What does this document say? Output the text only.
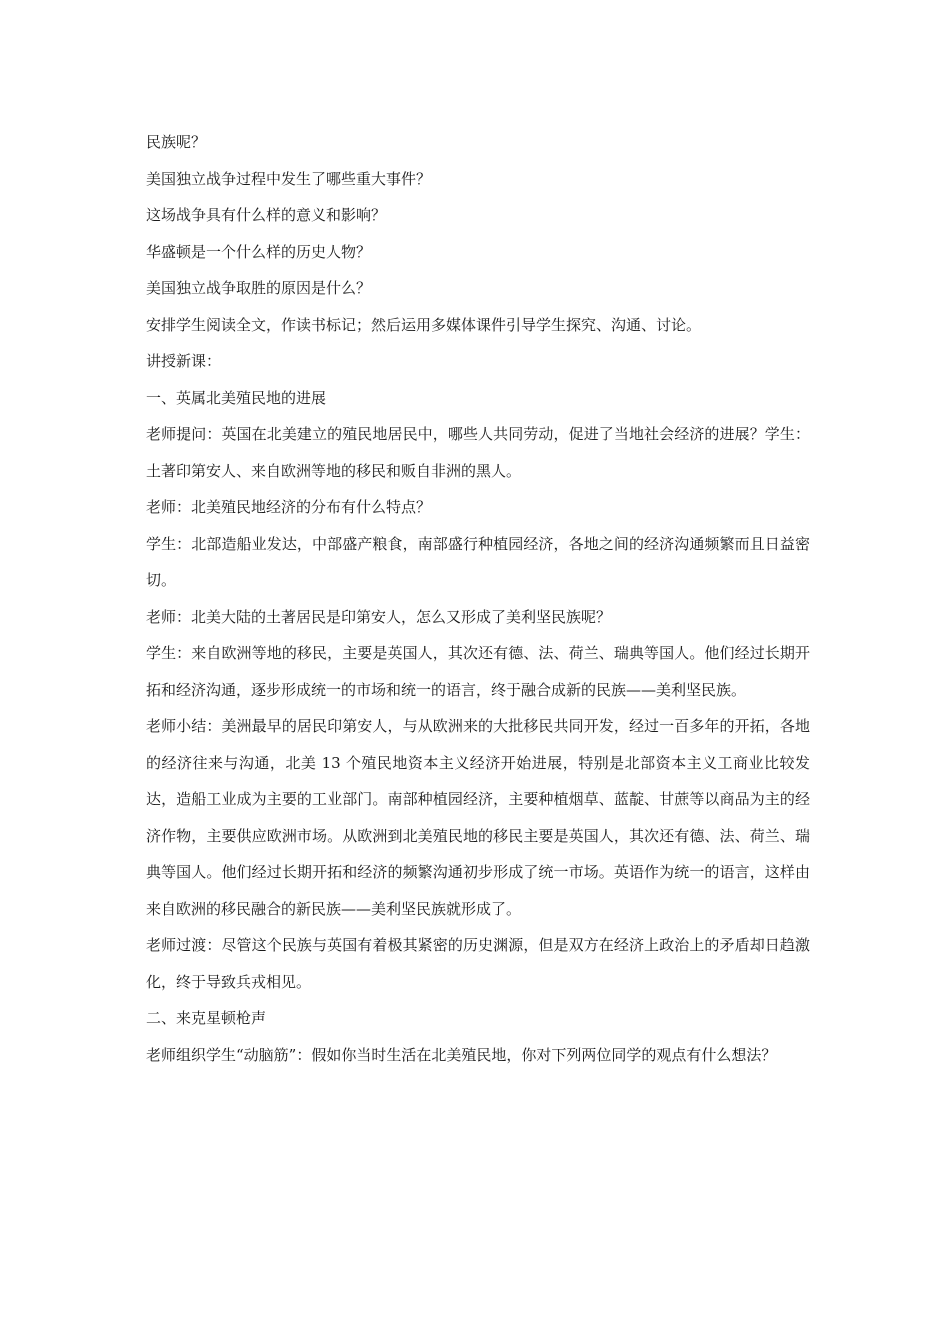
民族呢？

美国独立战争过程中发生了哪些重大事件？

这场战争具有什么样的意义和影响？

华盛顿是一个什么样的历史人物？

美国独立战争取胜的原因是什么？

安排学生阅读全文，作读书标记；然后运用多媒体课件引导学生探究、沟通、讨论。

讲授新课：

一、英属北美殖民地的进展

老师提问：英国在北美建立的殖民地居民中，哪些人共同劳动，促进了当地社会经济的进展？学生：土著印第安人、来自欧洲等地的移民和贩自非洲的黑人。

老师：北美殖民地经济的分布有什么特点？

学生：北部造船业发达，中部盛产粮食，南部盛行种植园经济，各地之间的经济沟通频繁而且日益密切。

老师：北美大陆的土著居民是印第安人，怎么又形成了美利坚民族呢？

学生：来自欧洲等地的移民，主要是英国人，其次还有德、法、荷兰、瑞典等国人。他们经过长期开拓和经济沟通，逐步形成统一的市场和统一的语言，终于融合成新的民族——美利坚民族。

老师小结：美洲最早的居民印第安人，与从欧洲来的大批移民共同开发，经过一百多年的开拓，各地的经济往来与沟通，北美 13 个殖民地资本主义经济开始进展，特别是北部资本主义工商业比较发达，造船工业成为主要的工业部门。南部种植园经济，主要种植烟草、蓝靛、甘蔗等以商品为主的经济作物，主要供应欧洲市场。从欧洲到北美殖民地的移民主要是英国人，其次还有德、法、荷兰、瑞典等国人。他们经过长期开拓和经济的频繁沟通初步形成了统一市场。英语作为统一的语言，这样由来自欧洲的移民融合的新民族——美利坚民族就形成了。

老师过渡：尽管这个民族与英国有着极其紧密的历史渊源，但是双方在经济上政治上的矛盾却日趋激化，终于导致兵戎相见。

二、来克星顿枪声

老师组织学生“动脑筋”：假如你当时生活在北美殖民地，你对下列两位同学的观点有什么想法？
